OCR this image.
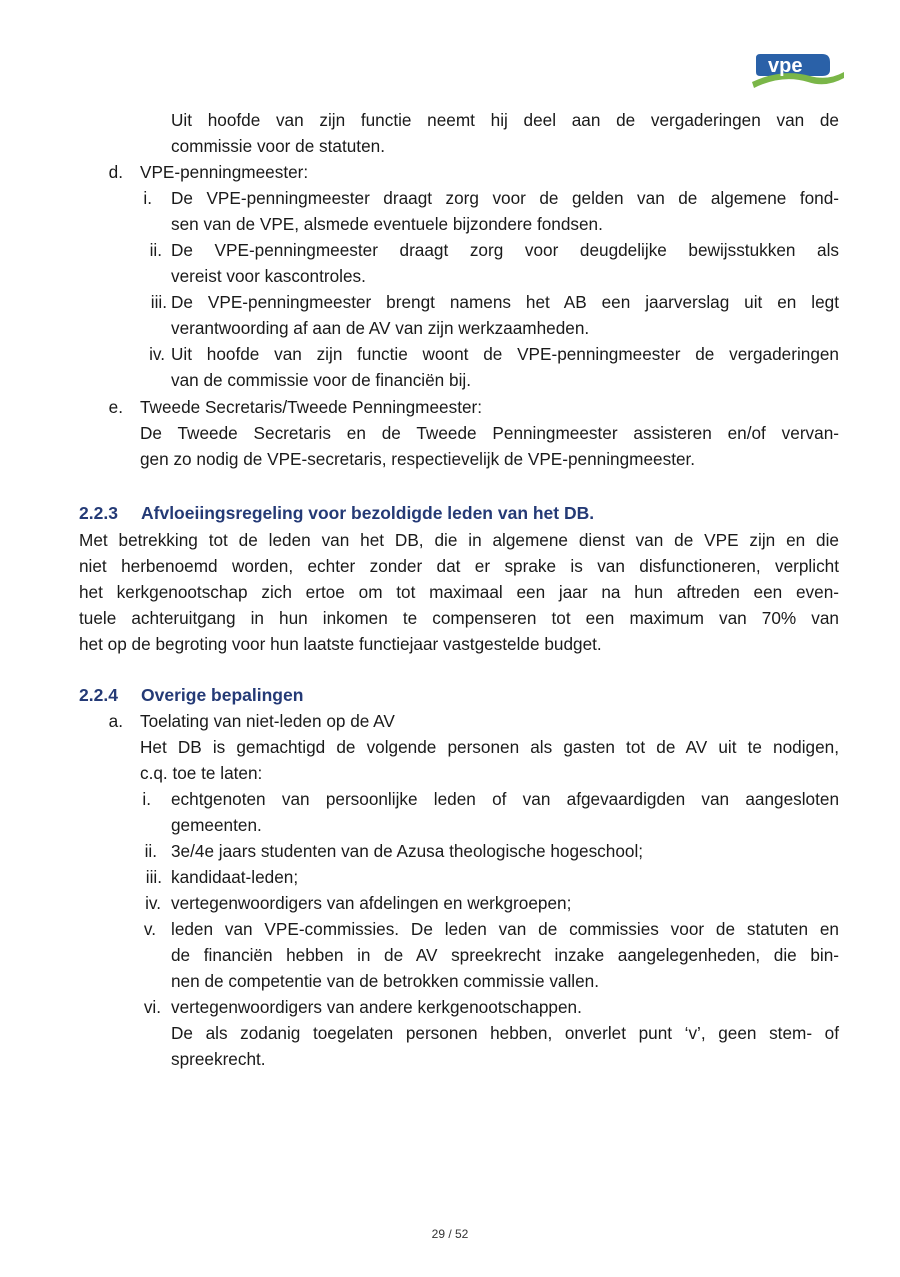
vpe
Uit hoofde van zijn functie neemt hij deel aan de vergaderingen van de
commissie voor de statuten.
d. VPE-penningmeester:
i. De VPE-penningmeester draagt zorg voor de gelden van de algemene fond-
sen van de VPE, alsmede eventuele bijzondere fondsen.
ii. De VPE-penningmeester draagt zorg voor deugdelijke bewijsstukken als
vereist voor kascontroles.
iii. De VPE-penningmeester brengt namens het AB een jaarverslag uit en legt
verantwoording af aan de AV van zijn werkzaamheden.
iv. Uit hoofde van zijn functie woont de VPE-penningmeester de vergaderingen
van de commissie voor de financiën bij.
e. Tweede Secretaris/Tweede Penningmeester:
De Tweede Secretaris en de Tweede Penningmeester assisteren en/of vervan-
gen zo nodig de VPE-secretaris, respectievelijk de VPE-penningmeester.
2.2.3 Afvloeiingsregeling voor bezoldigde leden van het DB.
Met betrekking tot de leden van het DB, die in algemene dienst van de VPE zijn en die
niet herbenoemd worden, echter zonder dat er sprake is van disfunctioneren, verplicht
het kerkgenootschap zich ertoe om tot maximaal een jaar na hun aftreden een even-
tuele achteruitgang in hun inkomen te compenseren tot een maximum van 70% van
het op de begroting voor hun laatste functiejaar vastgestelde budget.
2.2.4 Overige bepalingen
a. Toelating van niet-leden op de AV
Het DB is gemachtigd de volgende personen als gasten tot de AV uit te nodigen,
c.q. toe te laten:
i. echtgenoten van persoonlijke leden of van afgevaardigden van aangesloten
gemeenten.
ii. 3e/4e jaars studenten van de Azusa theologische hogeschool;
iii. kandidaat-leden;
iv. vertegenwoordigers van afdelingen en werkgroepen;
v. leden van VPE-commissies. De leden van de commissies voor de statuten en
de financiën hebben in de AV spreekrecht inzake aangelegenheden, die bin-
nen de competentie van de betrokken commissie vallen.
vi. vertegenwoordigers van andere kerkgenootschappen.
De als zodanig toegelaten personen hebben, onverlet punt ‘v’, geen stem- of
spreekrecht.
29 / 52
